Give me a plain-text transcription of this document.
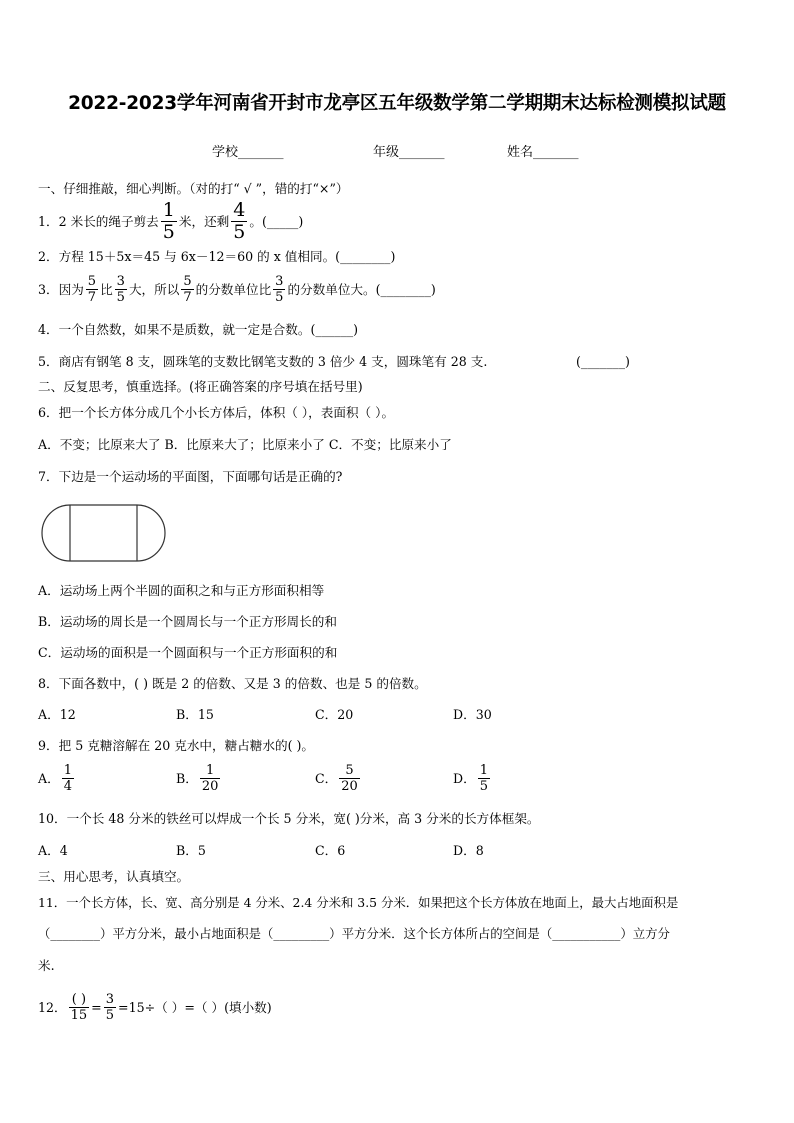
2022-2023学年河南省开封市龙亭区五年级数学第二学期期末达标检测模拟试题
学校_______	年级_______	姓名_______
一、仔细推敲，细心判断。（对的打“ √ ”，错的打“×”）
1．2 米长的绳子剪去 $\frac{1}{5}$ 米，还剩 $\frac{4}{5}$ 。(_____)
2．方程 15＋5x＝45 与 6x－12＝60 的 x 值相同。(________)
3．因为 $\frac{5}{7}$ 比 $\frac{3}{5}$ 大，所以 $\frac{5}{7}$ 的分数单位比 $\frac{3}{5}$ 的分数单位大。(________)
4．一个自然数，如果不是质数，就一定是合数。(______)
5．商店有钢笔 8 支，圆珠笔的支数比钢笔支数的 3 倍少 4 支，圆珠笔有 28 支.	(_______)
二、反复思考，慎重选择。(将正确答案的序号填在括号里)
6．把一个长方体分成几个小长方体后，体积（ ），表面积（ ）。
A．不变；比原来大了 B．比原来大了；比原来小了 C．不变；比原来小了
7．下边是一个运动场的平面图，下面哪句话是正确的?
A．运动场上两个半圆的面积之和与正方形面积相等
B．运动场的周长是一个圆周长与一个正方形周长的和
C．运动场的面积是一个圆面积与一个正方形面积的和
8．下面各数中，( ) 既是 2 的倍数、又是 3 的倍数、也是 5 的倍数。
A．12	B．15	C．20	D．30
9．把 5 克糖溶解在 20 克水中，糖占糖水的( )。
A． $\frac{1}{4}$	B． $\frac{1}{20}$	C． $\frac{5}{20}$	D． $\frac{1}{5}$
10．一个长 48 分米的铁丝可以焊成一个长 5 分米，宽( )分米，高 3 分米的长方体框架。
A．4	B．5	C．6	D．8
三、用心思考，认真填空。
11．一个长方体，长、宽、高分别是 4 分米、2.4 分米和 3.5 分米．如果把这个长方体放在地面上，最大占地面积是
（________）平方分米，最小占地面积是（_________）平方分米．这个长方体所占的空间是（___________）立方分
米.
12． $\frac{( )}{15} = \frac{3}{5} =15\div$（ ）=（ ）(填小数)
